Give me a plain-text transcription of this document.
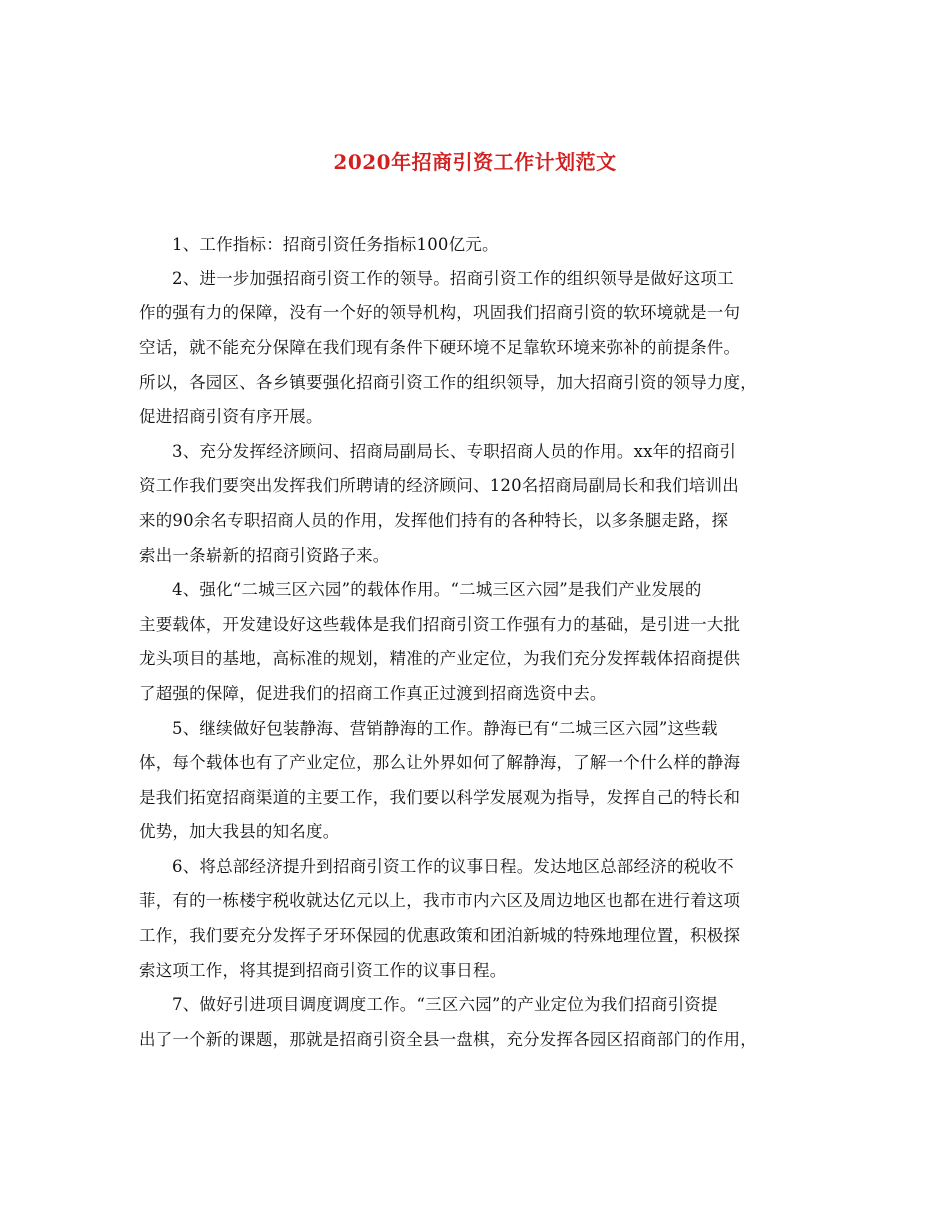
2020年招商引资工作计划范文
1、工作指标：招商引资任务指标100亿元。
2、进一步加强招商引资工作的领导。招商引资工作的组织领导是做好这项工
作的强有力的保障，没有一个好的领导机构，巩固我们招商引资的软环境就是一句
空话，就不能充分保障在我们现有条件下硬环境不足靠软环境来弥补的前提条件。
所以，各园区、各乡镇要强化招商引资工作的组织领导，加大招商引资的领导力度，
促进招商引资有序开展。
3、充分发挥经济顾问、招商局副局长、专职招商人员的作用。xx年的招商引
资工作我们要突出发挥我们所聘请的经济顾问、120名招商局副局长和我们培训出
来的90余名专职招商人员的作用，发挥他们持有的各种特长，以多条腿走路，探
索出一条崭新的招商引资路子来。
4、强化“二城三区六园”的载体作用。“二城三区六园”是我们产业发展的
主要载体，开发建设好这些载体是我们招商引资工作强有力的基础，是引进一大批
龙头项目的基地，高标准的规划，精准的产业定位，为我们充分发挥载体招商提供
了超强的保障，促进我们的招商工作真正过渡到招商选资中去。
5、继续做好包装静海、营销静海的工作。静海已有“二城三区六园”这些载
体，每个载体也有了产业定位，那么让外界如何了解静海，了解一个什么样的静海
是我们拓宽招商渠道的主要工作，我们要以科学发展观为指导，发挥自己的特长和
优势，加大我县的知名度。
6、将总部经济提升到招商引资工作的议事日程。发达地区总部经济的税收不
菲，有的一栋楼宇税收就达亿元以上，我市市内六区及周边地区也都在进行着这项
工作，我们要充分发挥子牙环保园的优惠政策和团泊新城的特殊地理位置，积极探
索这项工作，将其提到招商引资工作的议事日程。
7、做好引进项目调度调度工作。“三区六园”的产业定位为我们招商引资提
出了一个新的课题，那就是招商引资全县一盘棋，充分发挥各园区招商部门的作用，
